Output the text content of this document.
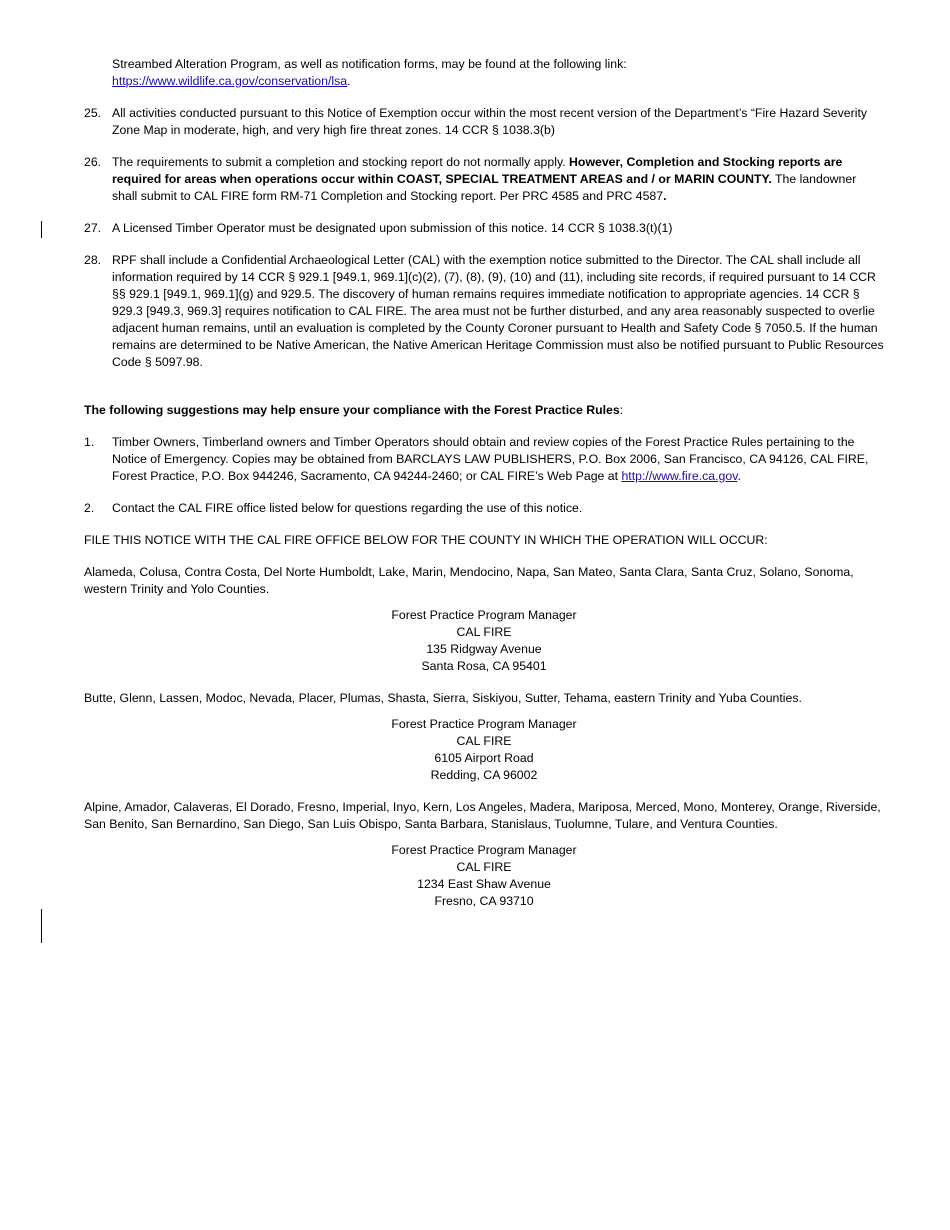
Streambed Alteration Program, as well as notification forms, may be found at the following link:
https://www.wildlife.ca.gov/conservation/lsa.
25. All activities conducted pursuant to this Notice of Exemption occur within the most recent version of the Department’s “Fire Hazard Severity Zone Map in moderate, high, and very high fire threat zones. 14 CCR § 1038.3(b)
26. The requirements to submit a completion and stocking report do not normally apply. However, Completion and Stocking reports are required for areas when operations occur within COAST, SPECIAL TREATMENT AREAS and / or MARIN COUNTY. The landowner shall submit to CAL FIRE form RM-71 Completion and Stocking report. Per PRC 4585 and PRC 4587.
27. A Licensed Timber Operator must be designated upon submission of this notice. 14 CCR § 1038.3(t)(1)
28. RPF shall include a Confidential Archaeological Letter (CAL) with the exemption notice submitted to the Director. The CAL shall include all information required by 14 CCR § 929.1 [949.1, 969.1](c)(2), (7), (8), (9), (10) and (11), including site records, if required pursuant to 14 CCR §§ 929.1 [949.1, 969.1](g) and 929.5. The discovery of human remains requires immediate notification to appropriate agencies. 14 CCR § 929.3 [949.3, 969.3] requires notification to CAL FIRE. The area must not be further disturbed, and any area reasonably suspected to overlie adjacent human remains, until an evaluation is completed by the County Coroner pursuant to Health and Safety Code § 7050.5. If the human remains are determined to be Native American, the Native American Heritage Commission must also be notified pursuant to Public Resources Code § 5097.98.
The following suggestions may help ensure your compliance with the Forest Practice Rules:
1. Timber Owners, Timberland owners and Timber Operators should obtain and review copies of the Forest Practice Rules pertaining to the Notice of Emergency. Copies may be obtained from BARCLAYS LAW PUBLISHERS, P.O. Box 2006, San Francisco, CA 94126, CAL FIRE, Forest Practice, P.O. Box 944246, Sacramento, CA 94244-2460; or CAL FIRE’s Web Page at http://www.fire.ca.gov.
2. Contact the CAL FIRE office listed below for questions regarding the use of this notice.
FILE THIS NOTICE WITH THE CAL FIRE OFFICE BELOW FOR THE COUNTY IN WHICH THE OPERATION WILL OCCUR:
Alameda, Colusa, Contra Costa, Del Norte Humboldt, Lake, Marin, Mendocino, Napa, San Mateo, Santa Clara, Santa Cruz, Solano, Sonoma, western Trinity and Yolo Counties.
Forest Practice Program Manager
CAL FIRE
135 Ridgway Avenue
Santa Rosa, CA 95401
Butte, Glenn, Lassen, Modoc, Nevada, Placer, Plumas, Shasta, Sierra, Siskiyou, Sutter, Tehama, eastern Trinity and Yuba Counties.
Forest Practice Program Manager
CAL FIRE
6105 Airport Road
Redding, CA 96002
Alpine, Amador, Calaveras, El Dorado, Fresno, Imperial, Inyo, Kern, Los Angeles, Madera, Mariposa, Merced, Mono, Monterey, Orange, Riverside, San Benito, San Bernardino, San Diego, San Luis Obispo, Santa Barbara, Stanislaus, Tuolumne, Tulare, and Ventura Counties.
Forest Practice Program Manager
CAL FIRE
1234 East Shaw Avenue
Fresno, CA 93710
